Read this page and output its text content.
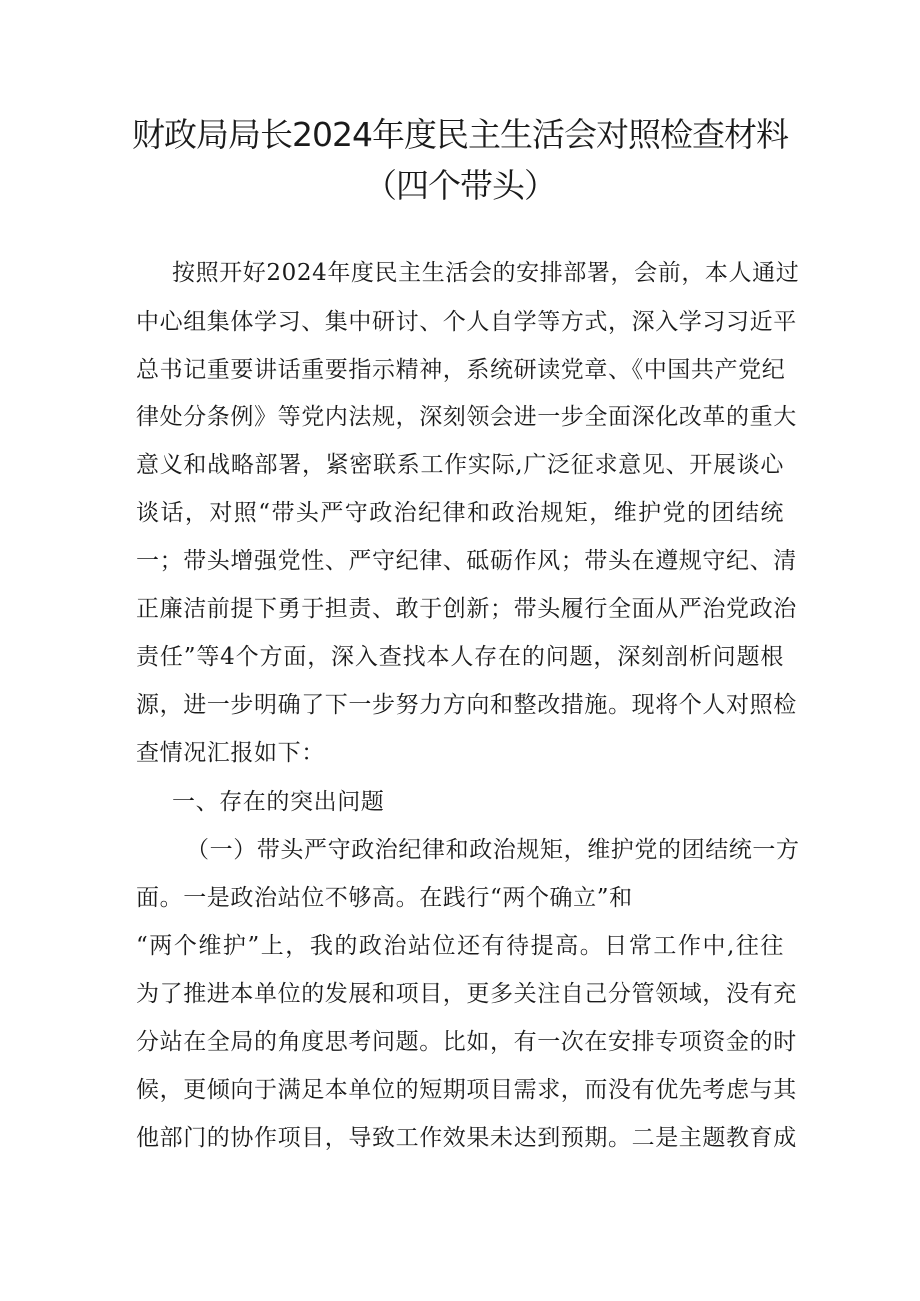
财政局局长2024年度民主生活会对照检查材料
（四个带头）

按照开好2024年度民主生活会的安排部署，会前，本人通过

中心组集体学习、集中研讨、个人自学等方式，深入学习习近平

总书记重要讲话重要指示精神，系统研读党章、《中国共产党纪

律处分条例》等党内法规，深刻领会进一步全面深化改革的重大

意义和战略部署，紧密联系工作实际,广泛征求意见、开展谈心

谈话，对照“带头严守政治纪律和政治规矩，维护党的团结统

一；带头增强党性、严守纪律、砥砺作风；带头在遵规守纪、清

正廉洁前提下勇于担责、敢于创新；带头履行全面从严治党政治

责任”等4个方面，深入查找本人存在的问题，深刻剖析问题根

源，进一步明确了下一步努力方向和整改措施。现将个人对照检

查情况汇报如下：

一、存在的突出问题

（一）带头严守政治纪律和政治规矩，维护党的团结统一方

面。一是政治站位不够高。在践行“两个确立”和

“两个维护”上，我的政治站位还有待提高。日常工作中,往往

为了推进本单位的发展和项目，更多关注自己分管领域，没有充

分站在全局的角度思考问题。比如，有一次在安排专项资金的时

候，更倾向于满足本单位的短期项目需求，而没有优先考虑与其

他部门的协作项目，导致工作效果未达到预期。二是主题教育成
